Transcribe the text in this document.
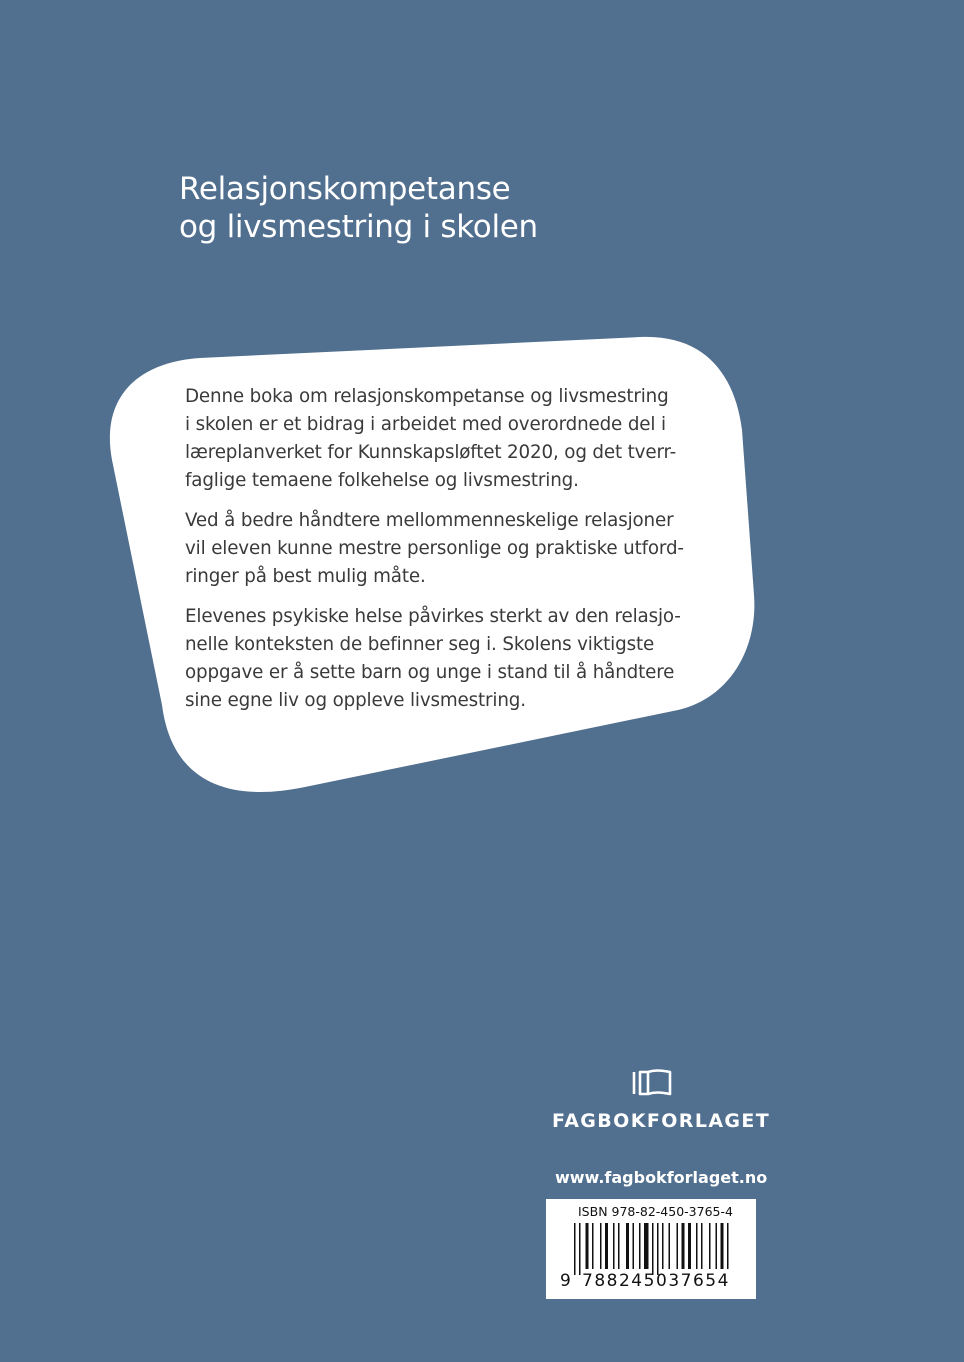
Relasjonskompetanse
og livsmestring i skolen

Denne boka om relasjonskompetanse og livsmestring
i skolen er et bidrag i arbeidet med overordnede del i
læreplanverket for Kunnskapsløftet 2020, og det tverr-
faglige temaene folkehelse og livsmestring.

Ved å bedre håndtere mellommenneskelige relasjoner
vil eleven kunne mestre personlige og praktiske utford-
ringer på best mulig måte.

Elevenes psykiske helse påvirkes sterkt av den relasjo-
nelle konteksten de befinner seg i. Skolens viktigste
oppgave er å sette barn og unge i stand til å håndtere
sine egne liv og oppleve livsmestring.

FAGBOKFORLAGET
www.fagbokforlaget.no
ISBN 978-82-450-3765-4
9 788245 037654
